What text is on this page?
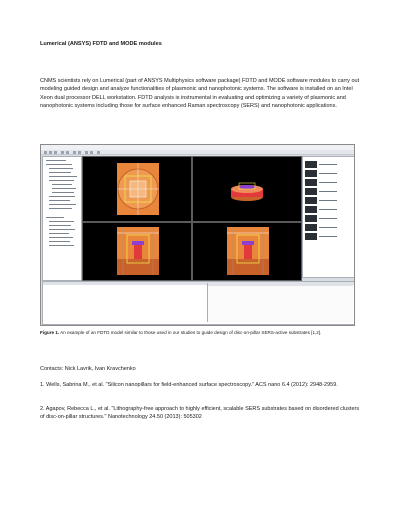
Lumerical (ANSYS) FDTD and MODE modules
CNMS scientists rely on Lumerical (part of ANSYS Multiphysics software package) FDTD and MODE software modules to carry out modeling guided design and analyze functionalities of plasmonic and nanophotonic systems. The software is installed on an Intel Xeon dual processor DELL workstation. FDTD analysis is instrumental in evaluating and optimizing a variety of plasmonic and nanophotonic systems including those for surface enhanced Raman spectroscopy (SERS) and nanophotonic applications.
Figure 1. An example of an FDTD model similar to those used in our studies to guide design of disc-on-pillar SERS-active substrates [1,2].
Contacts: Nick Lavrik, Ivan Kravchenko
1. Wells, Sabrina M., et al. "Silicon nanopillars for field-enhanced surface spectroscopy." ACS nano 6.4 (2012): 2948-2959.
2. Agapov, Rebecca L., et al. "Lithography-free approach to highly efficient, scalable SERS substrates based on disordered clusters of disc-on-pillar structures." Nanotechnology 24.50 (2013): 505302
